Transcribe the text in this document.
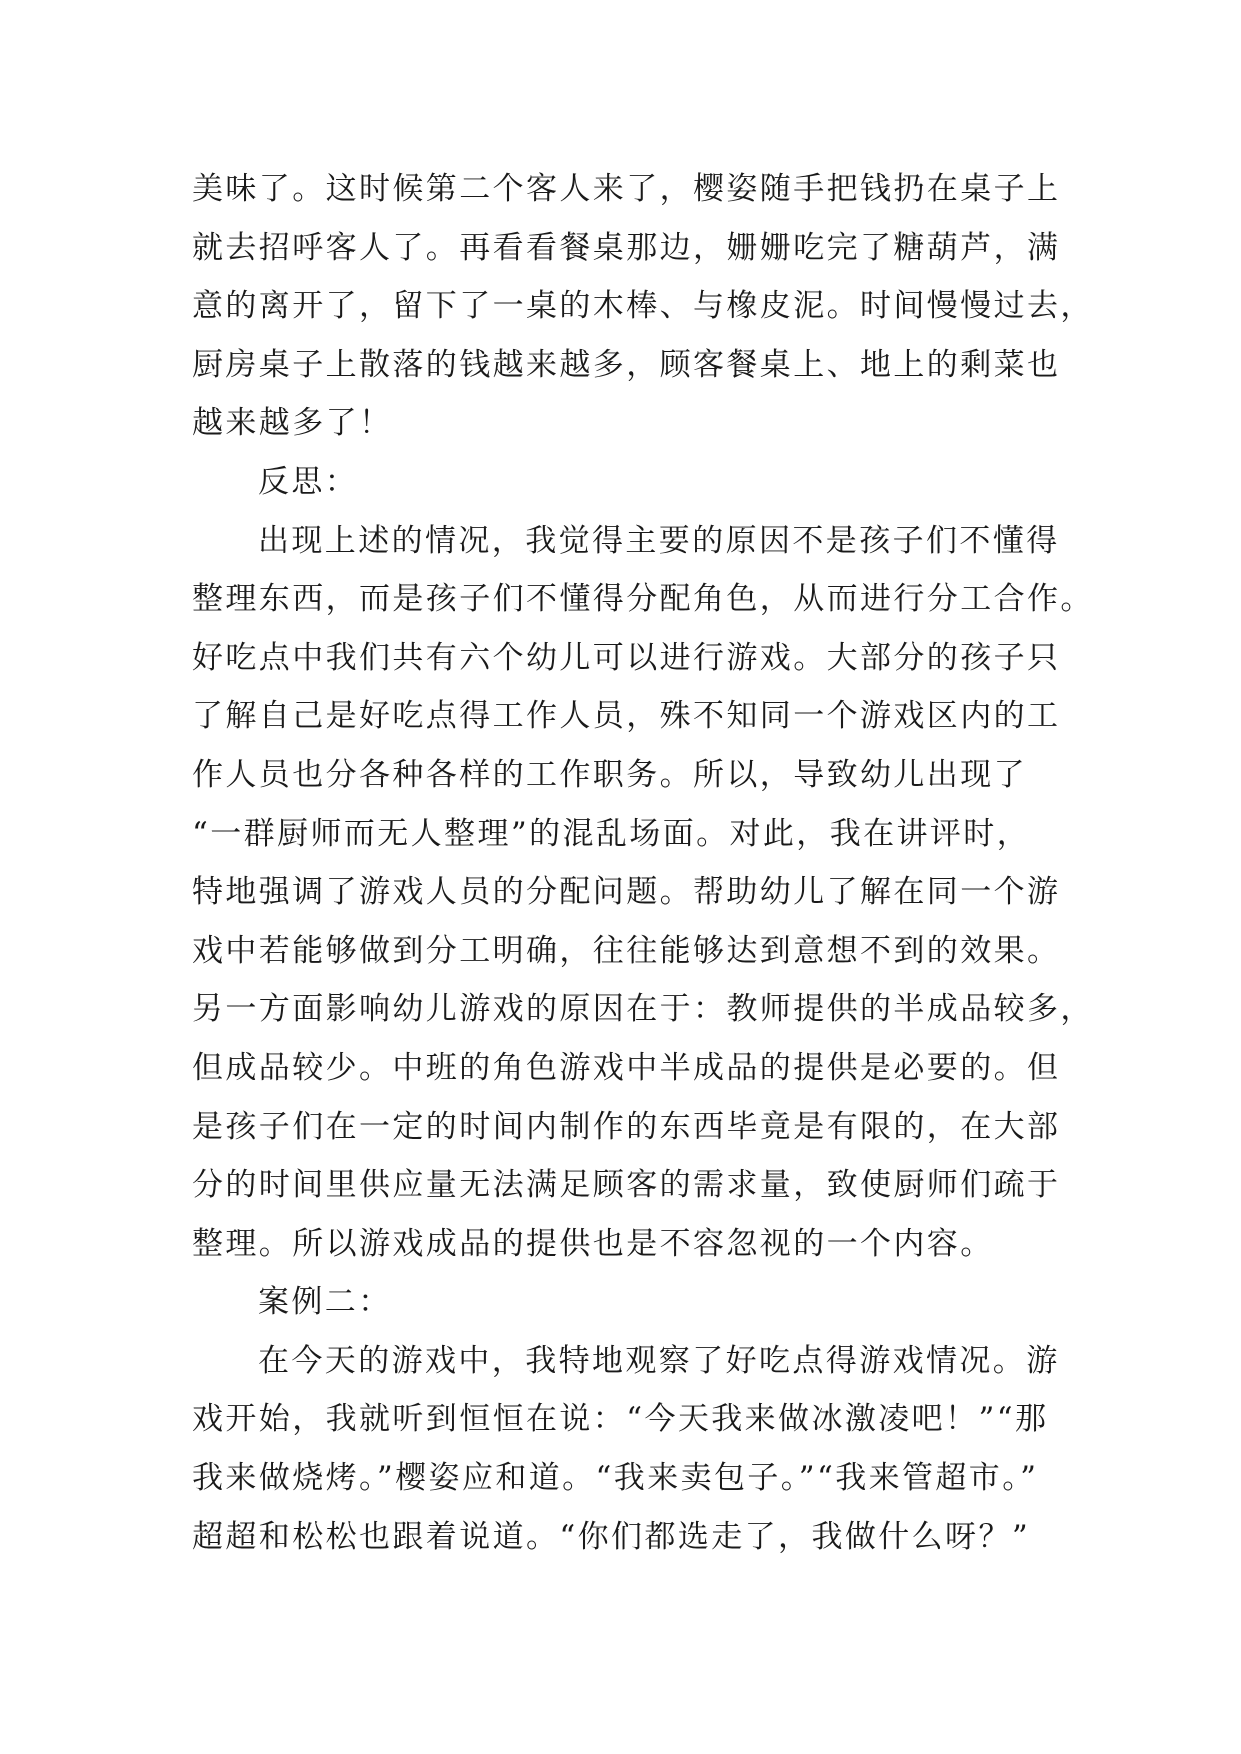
美味了。这时候第二个客人来了，樱姿随手把钱扔在桌子上
就去招呼客人了。再看看餐桌那边，姗姗吃完了糖葫芦，满
意的离开了，留下了一桌的木棒、与橡皮泥。时间慢慢过去，
厨房桌子上散落的钱越来越多，顾客餐桌上、地上的剩菜也
越来越多了！
反思：
出现上述的情况，我觉得主要的原因不是孩子们不懂得
整理东西，而是孩子们不懂得分配角色，从而进行分工合作。
好吃点中我们共有六个幼儿可以进行游戏。大部分的孩子只
了解自己是好吃点得工作人员，殊不知同一个游戏区内的工
作人员也分各种各样的工作职务。所以，导致幼儿出现了
“一群厨师而无人整理”的混乱场面。对此，我在讲评时，
特地强调了游戏人员的分配问题。帮助幼儿了解在同一个游
戏中若能够做到分工明确，往往能够达到意想不到的效果。
另一方面影响幼儿游戏的原因在于：教师提供的半成品较多，
但成品较少。中班的角色游戏中半成品的提供是必要的。但
是孩子们在一定的时间内制作的东西毕竟是有限的，在大部
分的时间里供应量无法满足顾客的需求量，致使厨师们疏于
整理。所以游戏成品的提供也是不容忽视的一个内容。
案例二：
在今天的游戏中，我特地观察了好吃点得游戏情况。游
戏开始，我就听到恒恒在说：“今天我来做冰激凌吧！”“那
我来做烧烤。”樱姿应和道。“我来卖包子。”“我来管超市。”
超超和松松也跟着说道。“你们都选走了，我做什么呀？”
